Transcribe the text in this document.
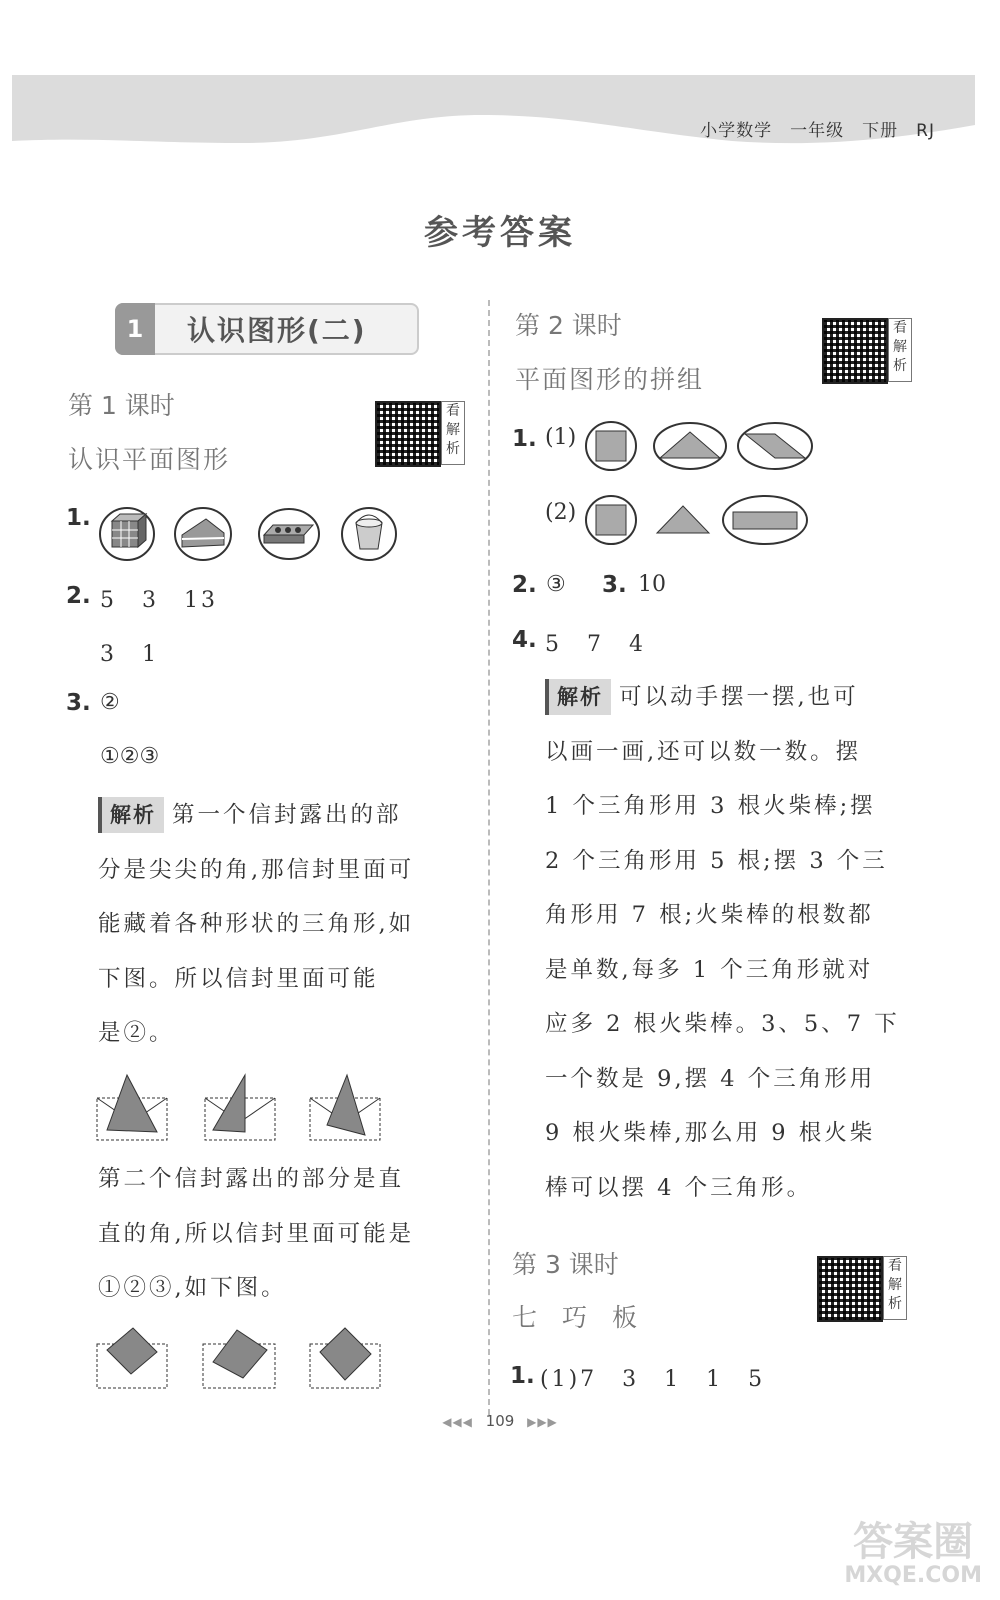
小学数学　一年级　下册　RJ
参考答案
1	认识图形(二)
第 1 课时
认识平面图形
看解析
1.
2. 5　3　13
3　1
3. ②
①②③
解析 第一个信封露出的部
分是尖尖的角,那信封里面可
能藏着各种形状的三角形,如
下图。所以信封里面可能
是②。
第二个信封露出的部分是直
直的角,所以信封里面可能是
①②③,如下图。
第 2 课时
平面图形的拼组
看解析
1. (1)
(2)
2. ③ 3. 10
4. 5　7　4
解析 可以动手摆一摆,也可
以画一画,还可以数一数。摆
1 个三角形用 3 根火柴棒;摆
2 个三角形用 5 根;摆 3 个三
角形用 7 根;火柴棒的根数都
是单数,每多 1 个三角形就对
应多 2 根火柴棒。3、5、7 下
一个数是 9,摆 4 个三角形用
9 根火柴棒,那么用 9 根火柴
棒可以摆 4 个三角形。
第 3 课时
七　巧　板
看解析
1. (1)7　3　1　1　5
◀◀◀ 109 ▶▶▶
答案圈
MXQE.COM
